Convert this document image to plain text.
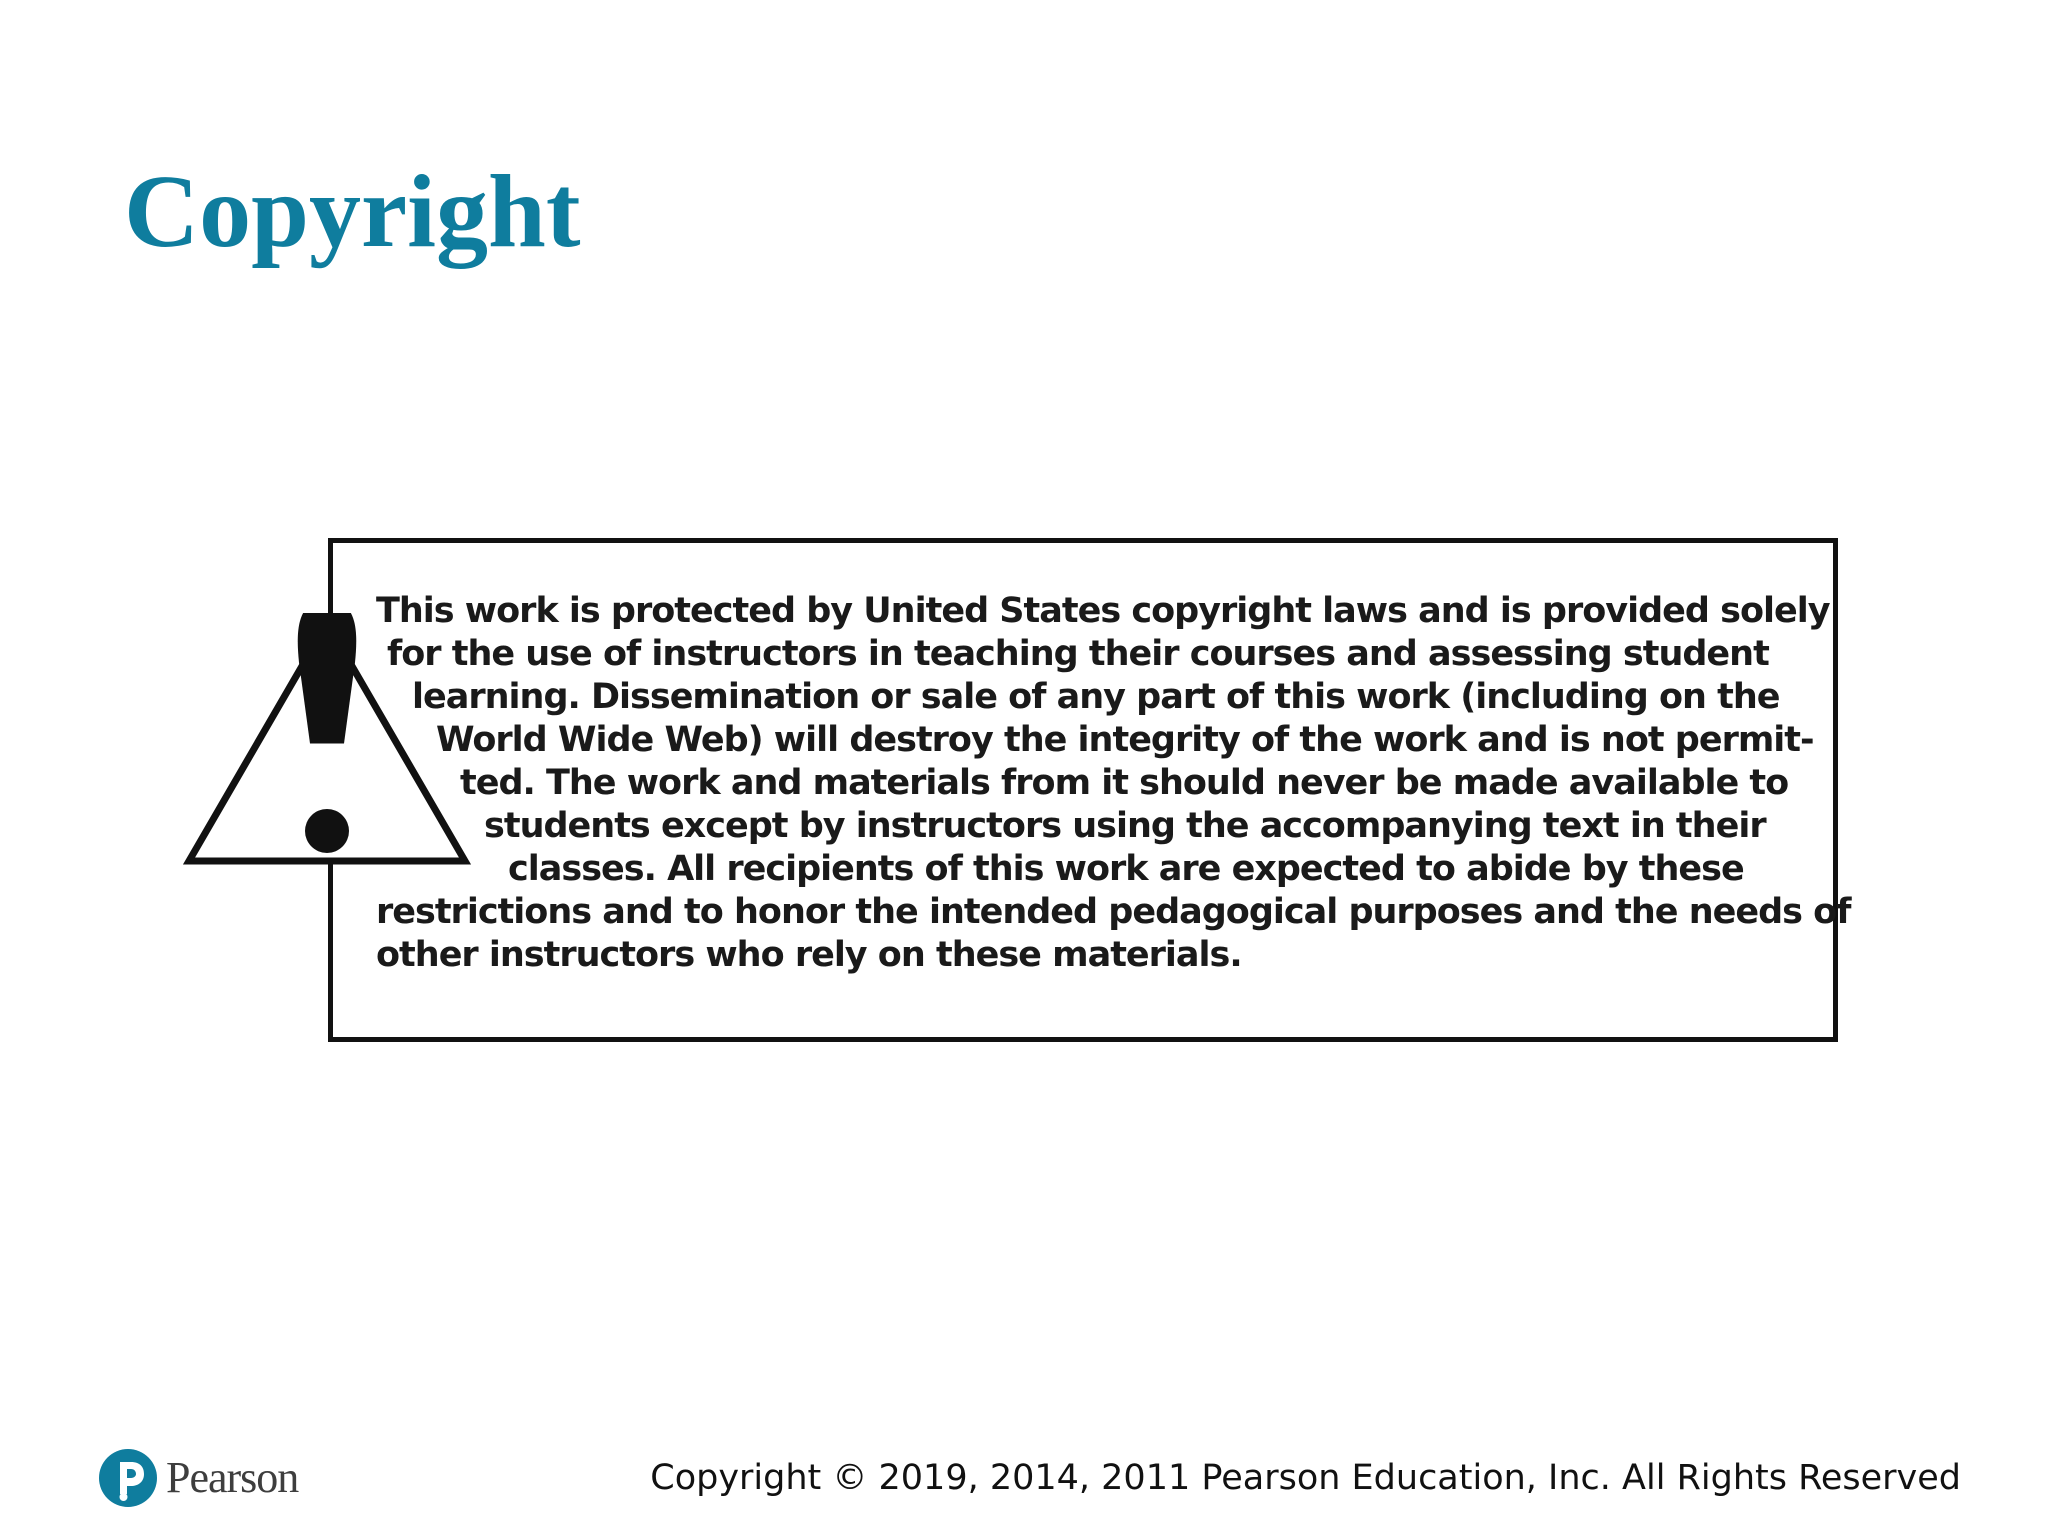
Copyright

This work is protected by United States copyright laws and is provided solely
for the use of instructors in teaching their courses and assessing student
learning. Dissemination or sale of any part of this work (including on the
World Wide Web) will destroy the integrity of the work and is not permit-
ted. The work and materials from it should never be made available to
students except by instructors using the accompanying text in their
classes. All recipients of this work are expected to abide by these
restrictions and to honor the intended pedagogical purposes and the needs of
other instructors who rely on these materials.

Pearson	Copyright © 2019, 2014, 2011 Pearson Education, Inc. All Rights Reserved
